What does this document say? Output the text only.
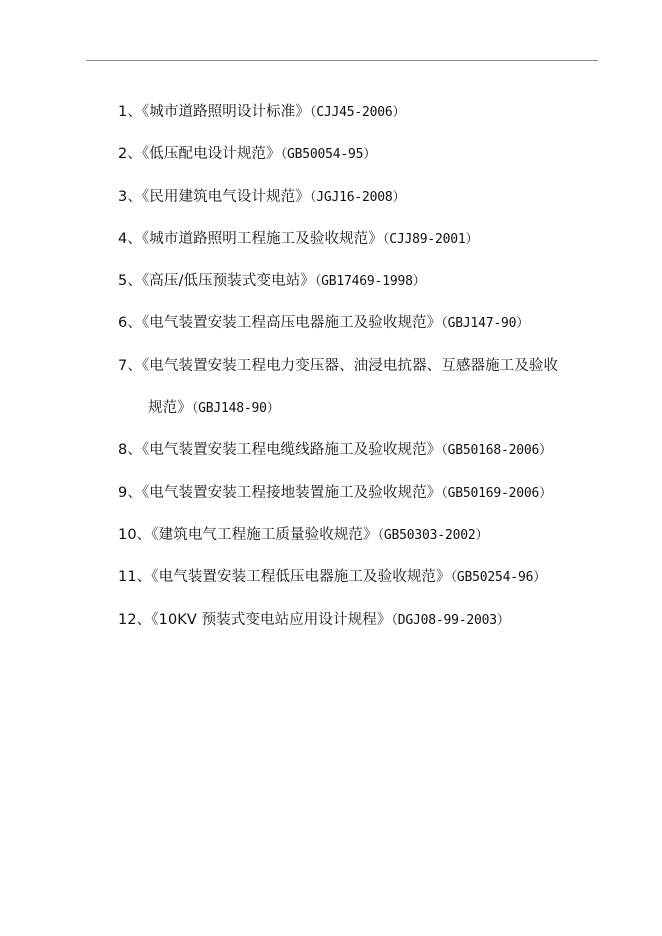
1、《城市道路照明设计标准》（CJJ45-2006）
2、《低压配电设计规范》（GB50054-95）
3、《民用建筑电气设计规范》（JGJ16-2008）
4、《城市道路照明工程施工及验收规范》（CJJ89-2001）
5、《高压/低压预装式变电站》（GB17469-1998）
6、《电气装置安装工程高压电器施工及验收规范》（GBJ147-90）
7、《电气装置安装工程电力变压器、油浸电抗器、互感器施工及验收
规范》（GBJ148-90）
8、《电气装置安装工程电缆线路施工及验收规范》（GB50168-2006）
9、《电气装置安装工程接地装置施工及验收规范》（GB50169-2006）
10、《建筑电气工程施工质量验收规范》（GB50303-2002）
11、《电气装置安装工程低压电器施工及验收规范》（GB50254-96）
12、《10KV 预装式变电站应用设计规程》（DGJ08-99-2003）
